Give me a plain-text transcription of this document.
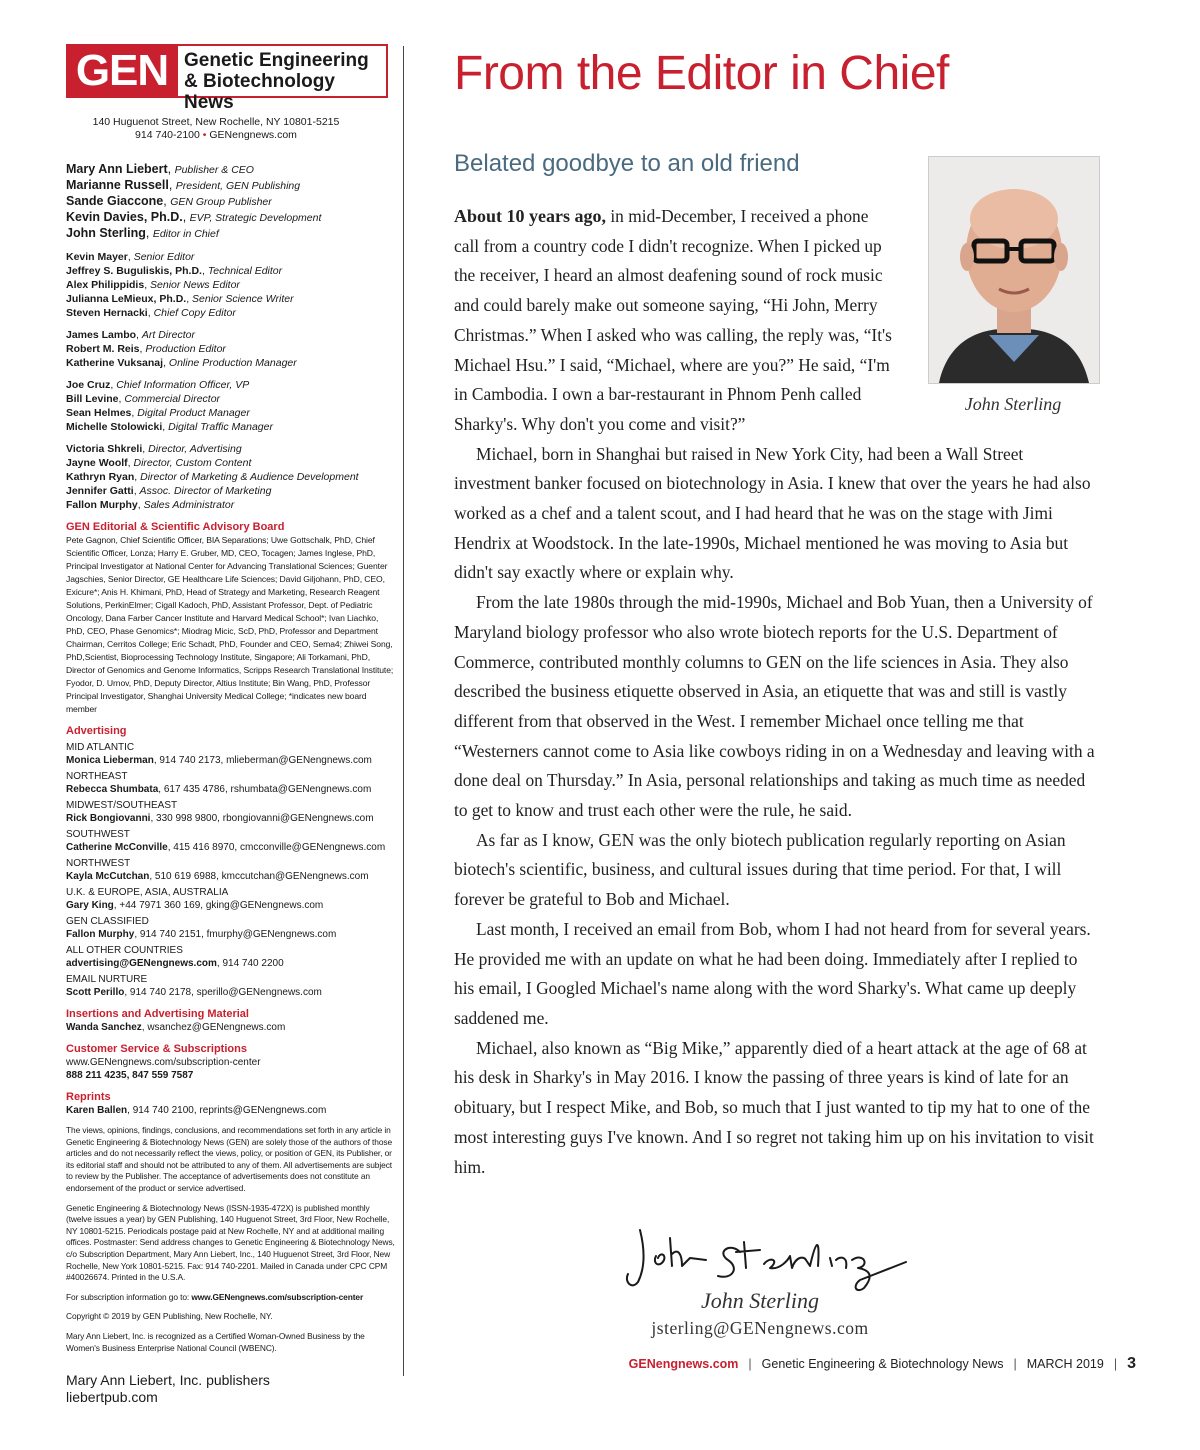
GEN Genetic Engineering
& Biotechnology News
140 Huguenot Street, New Rochelle, NY 10801-5215
914 740-2100 • GENengnews.com
Mary Ann Liebert, Publisher & CEO
Marianne Russell, President, GEN Publishing
Sande Giaccone, GEN Group Publisher
Kevin Davies, Ph.D., EVP, Strategic Development
John Sterling, Editor in Chief
Kevin Mayer, Senior Editor
Jeffrey S. Buguliskis, Ph.D., Technical Editor
Alex Philippidis, Senior News Editor
Julianna LeMieux, Ph.D., Senior Science Writer
Steven Hernacki, Chief Copy Editor
James Lambo, Art Director
Robert M. Reis, Production Editor
Katherine Vuksanaj, Online Production Manager
Joe Cruz, Chief Information Officer, VP
Bill Levine, Commercial Director
Sean Helmes, Digital Product Manager
Michelle Stolowicki, Digital Traffic Manager
Victoria Shkreli, Director, Advertising
Jayne Woolf, Director, Custom Content
Kathryn Ryan, Director of Marketing & Audience Development
Jennifer Gatti, Assoc. Director of Marketing
Fallon Murphy, Sales Administrator
GEN Editorial & Scientific Advisory Board
Pete Gagnon, Chief Scientific Officer, BIA Separations; Uwe Gottschalk, PhD, Chief Scientific Officer, Lonza; Harry E. Gruber, MD, CEO, Tocagen; James Inglese, PhD, Principal Investigator at National Center for Advancing Translational Sciences; Guenter Jagschies, Senior Director, GE Healthcare Life Sciences; David Giljohann, PhD, CEO, Exicure*; Anis H. Khimani, PhD, Head of Strategy and Marketing, Research Reagent Solutions, PerkinElmer; Cigall Kadoch, PhD, Assistant Professor, Dept. of Pediatric Oncology, Dana Farber Cancer Institute and Harvard Medical School*; Ivan Liachko, PhD, CEO, Phase Genomics*; Miodrag Micic, ScD, PhD, Professor and Department Chairman, Cerritos College; Eric Schadt, PhD, Founder and CEO, Sema4; Zhiwei Song, PhD,Scientist, Bioprocessing Technology Institute, Singapore; Ali Torkamani, PhD, Director of Genomics and Genome Informatics, Scripps Research Translational Institute; Fyodor, D. Urnov, PhD, Deputy Director, Altius Institute; Bin Wang, PhD, Professor Principal Investigator, Shanghai University Medical College; *indicates new board member
Advertising
MID ATLANTIC
Monica Lieberman, 914 740 2173, mlieberman@GENengnews.com
NORTHEAST
Rebecca Shumbata, 617 435 4786, rshumbata@GENengnews.com
MIDWEST/SOUTHEAST
Rick Bongiovanni, 330 998 9800, rbongiovanni@GENengnews.com
SOUTHWEST
Catherine McConville, 415 416 8970, cmcconville@GENengnews.com
NORTHWEST
Kayla McCutchan, 510 619 6988, kmccutchan@GENengnews.com
U.K. & EUROPE, ASIA, AUSTRALIA
Gary King, +44 7971 360 169, gking@GENengnews.com
GEN CLASSIFIED
Fallon Murphy, 914 740 2151, fmurphy@GENengnews.com
ALL OTHER COUNTRIES
advertising@GENengnews.com, 914 740 2200
EMAIL NURTURE
Scott Perillo, 914 740 2178, sperillo@GENengnews.com
Insertions and Advertising Material
Wanda Sanchez, wsanchez@GENengnews.com
Customer Service & Subscriptions
www.GENengnews.com/subscription-center
888 211 4235, 847 559 7587
Reprints
Karen Ballen, 914 740 2100, reprints@GENengnews.com
The views, opinions, findings, conclusions, and recommendations set forth in any article in Genetic Engineering & Biotechnology News (GEN) are solely those of the authors of those articles and do not necessarily reflect the views, policy, or position of GEN, its Publisher, or its editorial staff and should not be attributed to any of them. All advertisements are subject to review by the Publisher. The acceptance of advertisements does not constitute an endorsement of the product or service advertised.
Genetic Engineering & Biotechnology News (ISSN-1935-472X) is published monthly (twelve issues a year) by GEN Publishing, 140 Huguenot Street, 3rd Floor, New Rochelle, NY 10801-5215. Periodicals postage paid at New Rochelle, NY and at additional mailing offices. Postmaster: Send address changes to Genetic Engineering & Biotechnology News, c/o Subscription Department, Mary Ann Liebert, Inc., 140 Huguenot Street, 3rd Floor, New Rochelle, New York 10801-5215. Fax: 914 740-2201. Mailed in Canada under CPC CPM #40026674. Printed in the U.S.A.
For subscription information go to: www.GENengnews.com/subscription-center
Copyright © 2019 by GEN Publishing, New Rochelle, NY.
Mary Ann Liebert, Inc. is recognized as a Certified Woman-Owned Business by the Women's Business Enterprise National Council (WBENC).
Mary Ann Liebert, Inc. publishers
liebertpub.com
From the Editor in Chief
Belated goodbye to an old friend
John Sterling

About 10 years ago, in mid-December, I received a phone call from a country code I didn't recognize. When I picked up the receiver, I heard an almost deafening sound of rock music and could barely make out someone saying, “Hi John, Merry Christmas.” When I asked who was calling, the reply was, “It's Michael Hsu.” I said, “Michael, where are you?” He said, “I'm in Cambodia. I own a bar-restaurant in Phnom Penh called Sharky's. Why don't you come and visit?”

Michael, born in Shanghai but raised in New York City, had been a Wall Street investment banker focused on biotechnology in Asia. I knew that over the years he had also worked as a chef and a talent scout, and I had heard that he was on the stage with Jimi Hendrix at Woodstock. In the late-1990s, Michael mentioned he was moving to Asia but didn't say exactly where or explain why.

From the late 1980s through the mid-1990s, Michael and Bob Yuan, then a University of Maryland biology professor who also wrote biotech reports for the U.S. Department of Commerce, contributed monthly columns to GEN on the life sciences in Asia. They also described the business etiquette observed in Asia, an etiquette that was and still is vastly different from that observed in the West. I remember Michael once telling me that “Westerners cannot come to Asia like cowboys riding in on a Wednesday and leaving with a done deal on Thursday.” In Asia, personal relationships and taking as much time as needed to get to know and trust each other were the rule, he said.

As far as I know, GEN was the only biotech publication regularly reporting on Asian biotech's scientific, business, and cultural issues during that time period. For that, I will forever be grateful to Bob and Michael.

Last month, I received an email from Bob, whom I had not heard from for several years. He provided me with an update on what he had been doing. Immediately after I replied to his email, I Googled Michael's name along with the word Sharky's. What came up deeply saddened me.

Michael, also known as “Big Mike,” apparently died of a heart attack at the age of 68 at his desk in Sharky's in May 2016. I know the passing of three years is kind of late for an obituary, but I respect Mike, and Bob, so much that I just wanted to tip my hat to one of the most interesting guys I've known. And I so regret not taking him up on his invitation to visit him.

John Sterling
jsterling@GENengnews.com
GENengnews.com | Genetic Engineering & Biotechnology News | MARCH 2019 | 3
